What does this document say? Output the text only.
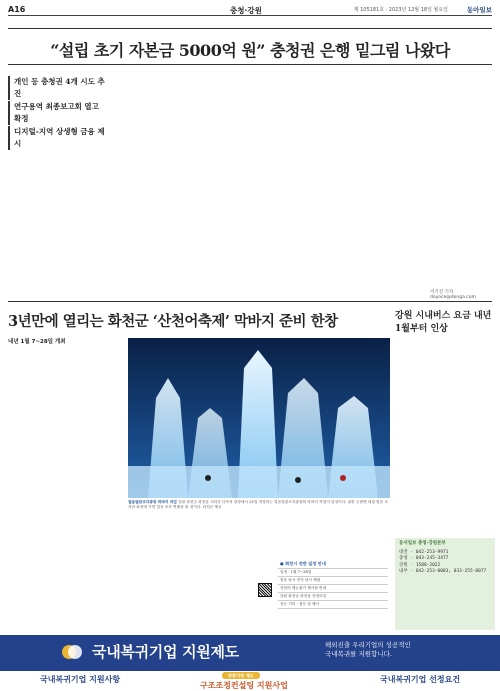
A16	충청·강원	제 105181호 · 2023년 12월 18일 월요일	동아일보
“설립 초기 자본금 5000억 원” 충청권 은행 밑그림 나왔다
개인 등 충청권 4개 시도 추진
연구용역 최종보고회 열고 확정
디지털-지역 상생형 금융 제시
이기진 기자 doyoce@donga.com
3년만에 열리는 화천군 ‘산천어축제’ 막바지 준비 한창
내년 1월 7~28일 개최
얼음벌판조각광장 막바지 작업 강원 화천군 화천읍 서화산 다목적 광장에서 22일 개장하는 얼음벌판조각광장의 막바지 작업이 한창이다. 광장 주변엔 대형 얼음 조각과 화천에 가면 얼음 조각 연출을 볼 것이다. 화천군 제공
● 회천시 전반 일정 안내
일정 · 1월 7~28일
얼음 낚시·견지 낚시 체험
산천어 맨손잡기 행사장 안내
강원 화천군 화천읍 산천어길
선등 거리 · 점등 및 행사
강원 시내버스 요금 내년 1월부터 인상
동서일보 충청·강원본부
대전 · 042-253-9971
충청 · 043-245-3477
강원 · 1588-2022
내부 · 042-253-0003, 033-255-8077
국내복귀기업 지원제도	해외진출 우리기업의 성공적인
국내복귀를 지원합니다.
국내복귀기업 지원사항	맞춤지원 제도
구조조정컨설팅 지원사업
국내복귀기업 선정요건
